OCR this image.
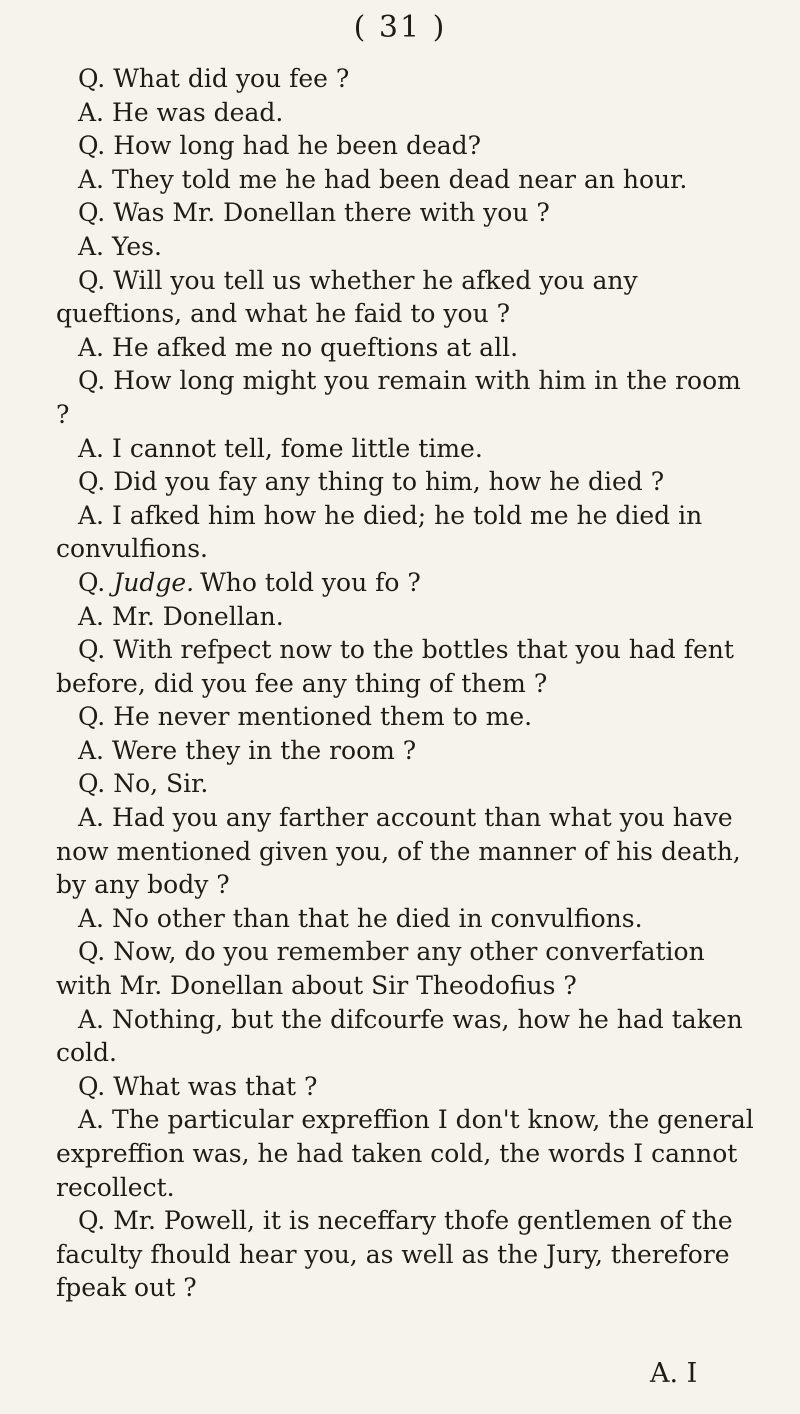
( 31 )

Q. What did you fee ?

A. He was dead.

Q. How long had he been dead?

A. They told me he had been dead near an hour.

Q. Was Mr. Donellan there with you ?

A. Yes.

Q. Will you tell us whether he afked you any queftions, and what he faid to you ?

A. He afked me no queftions at all.

Q. How long might you remain with him in the room ?

A. I cannot tell, fome little time.

Q. Did you fay any thing to him, how he died ?

A. I afked him how he died; he told me he died in convulfions.

Q. Judge. Who told you fo ?

A. Mr. Donellan.

Q. With refpect now to the bottles that you had fent before, did you fee any thing of them ?

Q. He never mentioned them to me.

A. Were they in the room ?

Q. No, Sir.

A. Had you any farther account than what you have now mentioned given you, of the manner of his death, by any body ?

A. No other than that he died in convulfions.

Q. Now, do you remember any other converfation with Mr. Donellan about Sir Theodofius ?

A. Nothing, but the difcourfe was, how he had taken cold.

Q. What was that ?

A. The particular expreffion I don't know, the general expreffion was, he had taken cold, the words I cannot recollect.

Q. Mr. Powell, it is neceffary thofe gentlemen of the faculty fhould hear you, as well as the Jury, therefore fpeak out ?

A. I
